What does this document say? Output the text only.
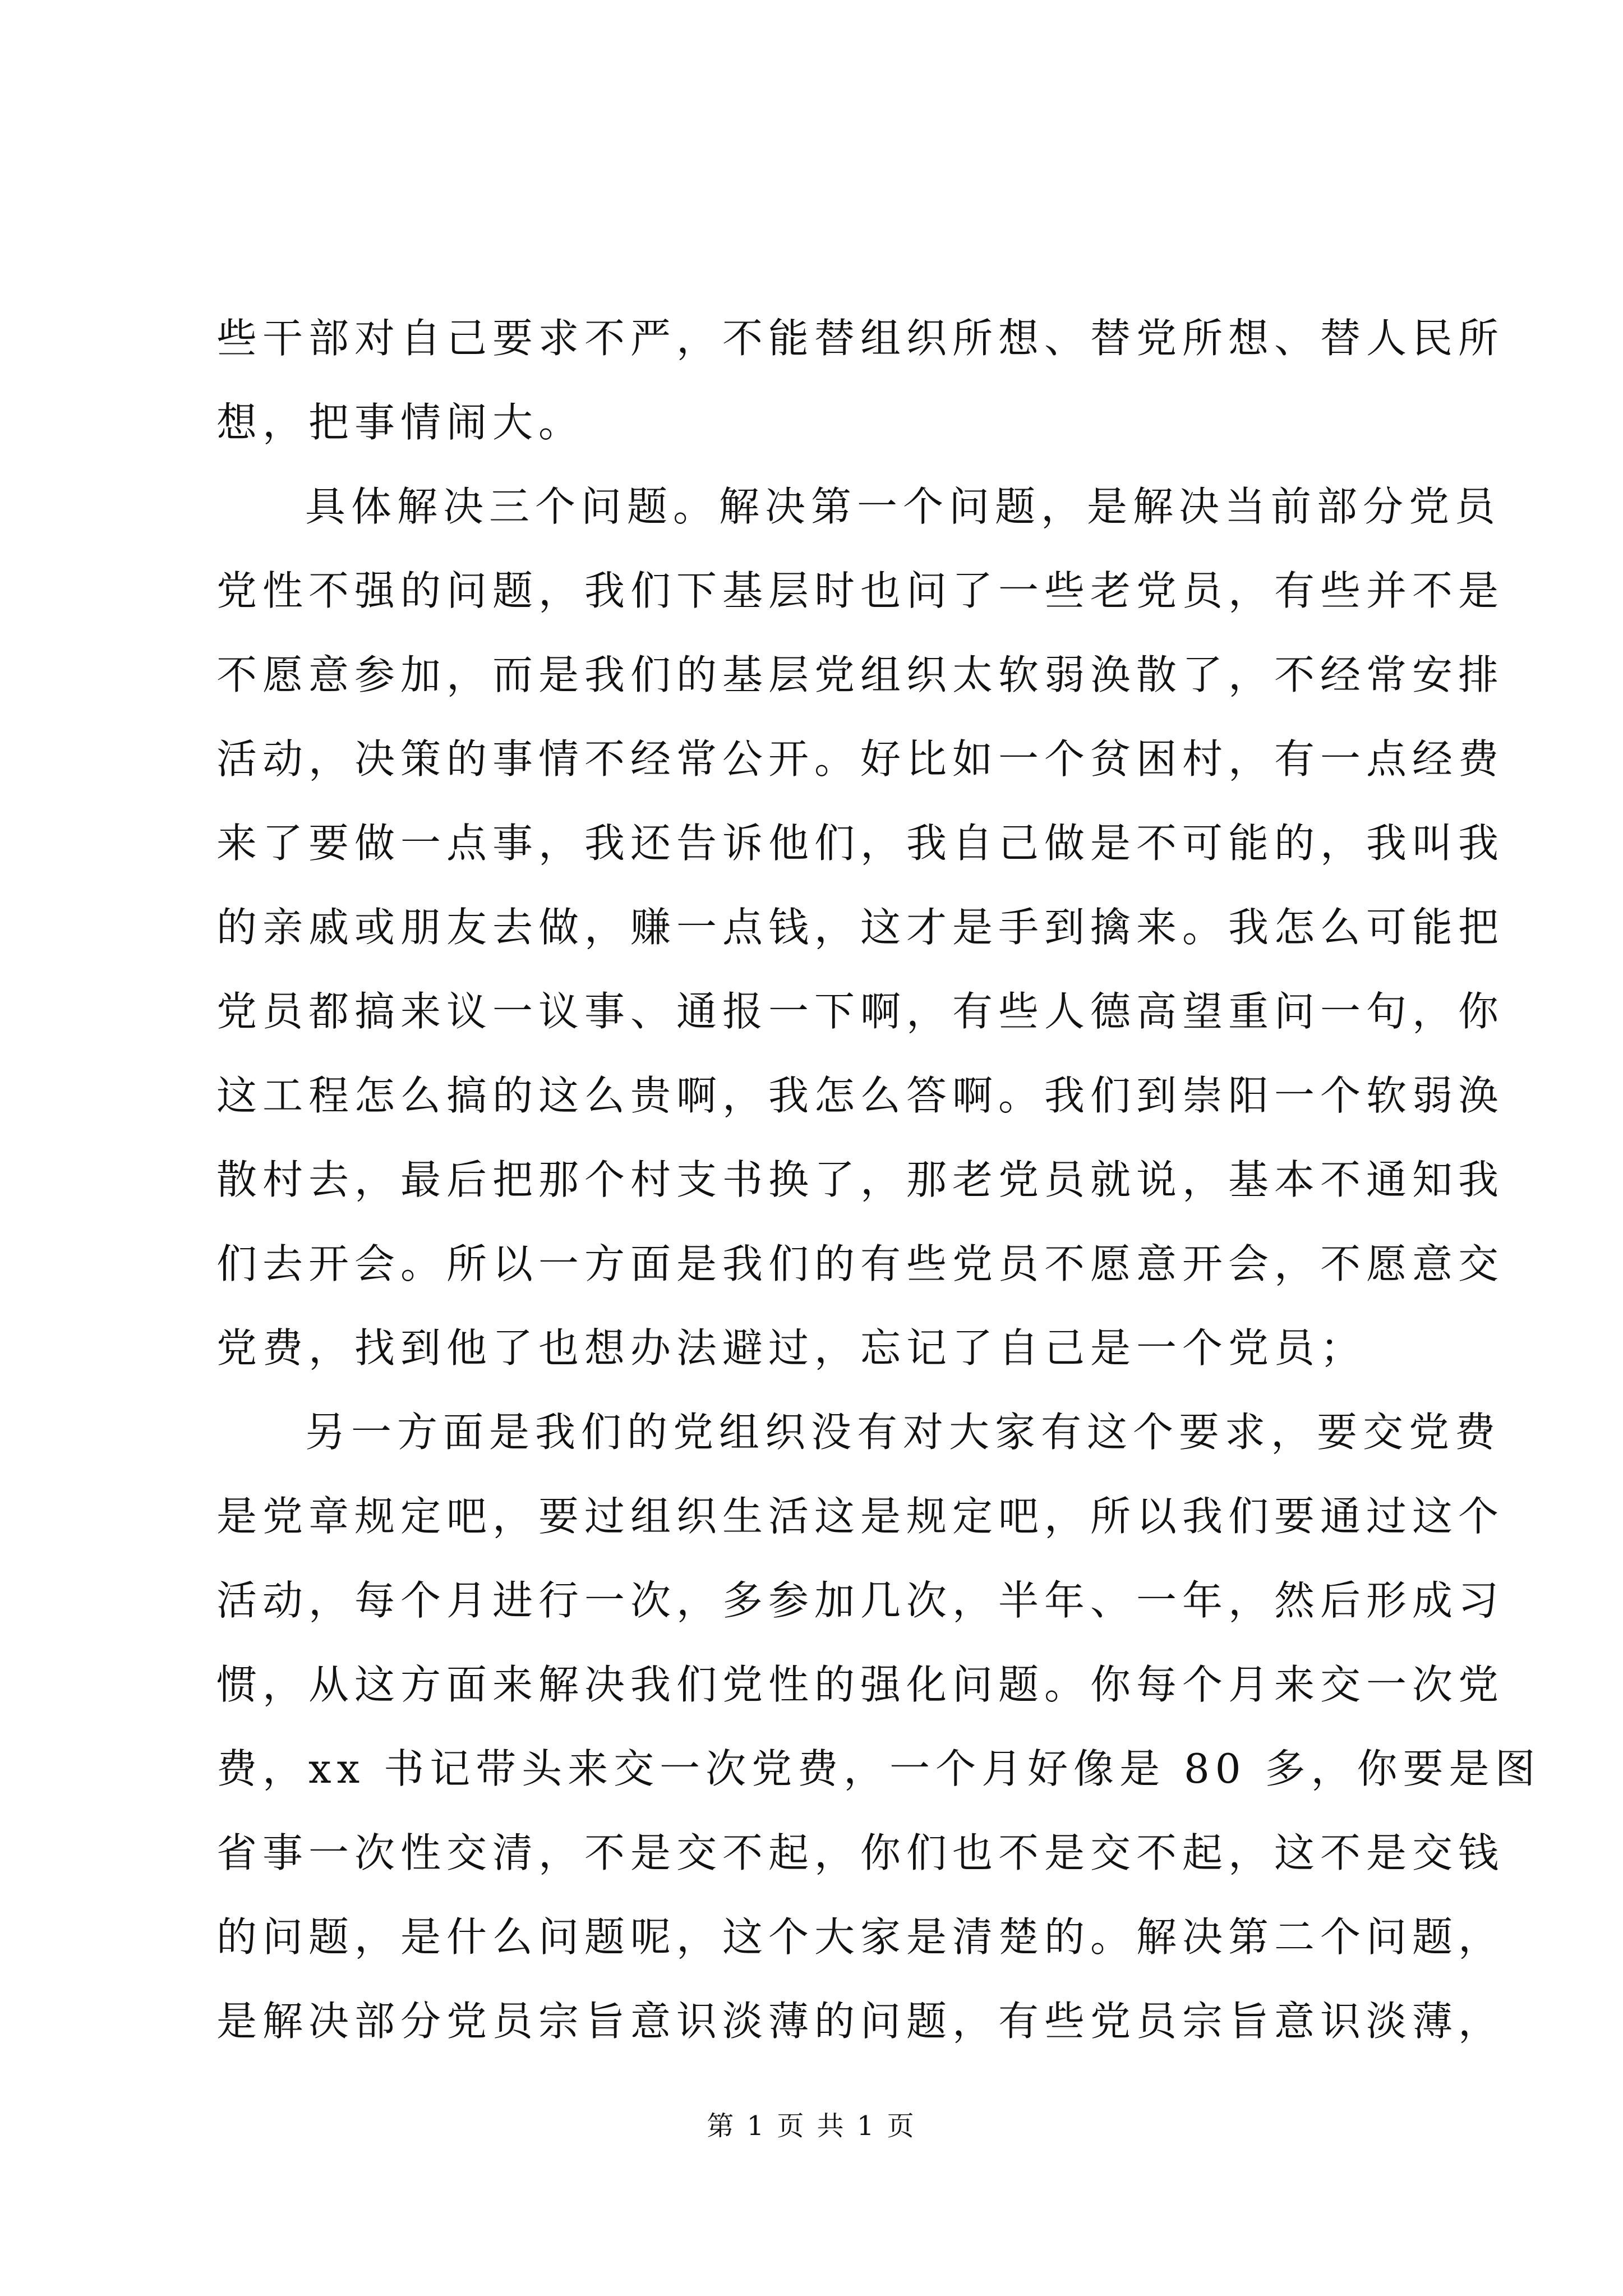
些干部对自己要求不严，不能替组织所想、替党所想、替人民所
想，把事情闹大。
具体解决三个问题。解决第一个问题，是解决当前部分党员
党性不强的问题，我们下基层时也问了一些老党员，有些并不是
不愿意参加，而是我们的基层党组织太软弱涣散了，不经常安排
活动，决策的事情不经常公开。好比如一个贫困村，有一点经费
来了要做一点事，我还告诉他们，我自己做是不可能的，我叫我
的亲戚或朋友去做，赚一点钱，这才是手到擒来。我怎么可能把
党员都搞来议一议事、通报一下啊，有些人德高望重问一句，你
这工程怎么搞的这么贵啊，我怎么答啊。我们到崇阳一个软弱涣
散村去，最后把那个村支书换了，那老党员就说，基本不通知我
们去开会。所以一方面是我们的有些党员不愿意开会，不愿意交
党费，找到他了也想办法避过，忘记了自己是一个党员；
另一方面是我们的党组织没有对大家有这个要求，要交党费
是党章规定吧，要过组织生活这是规定吧，所以我们要通过这个
活动，每个月进行一次，多参加几次，半年、一年，然后形成习
惯，从这方面来解决我们党性的强化问题。你每个月来交一次党
费，xx 书记带头来交一次党费，一个月好像是 80 多，你要是图
省事一次性交清，不是交不起，你们也不是交不起，这不是交钱
的问题，是什么问题呢，这个大家是清楚的。解决第二个问题，
是解决部分党员宗旨意识淡薄的问题，有些党员宗旨意识淡薄，
第 1 页 共 1 页
